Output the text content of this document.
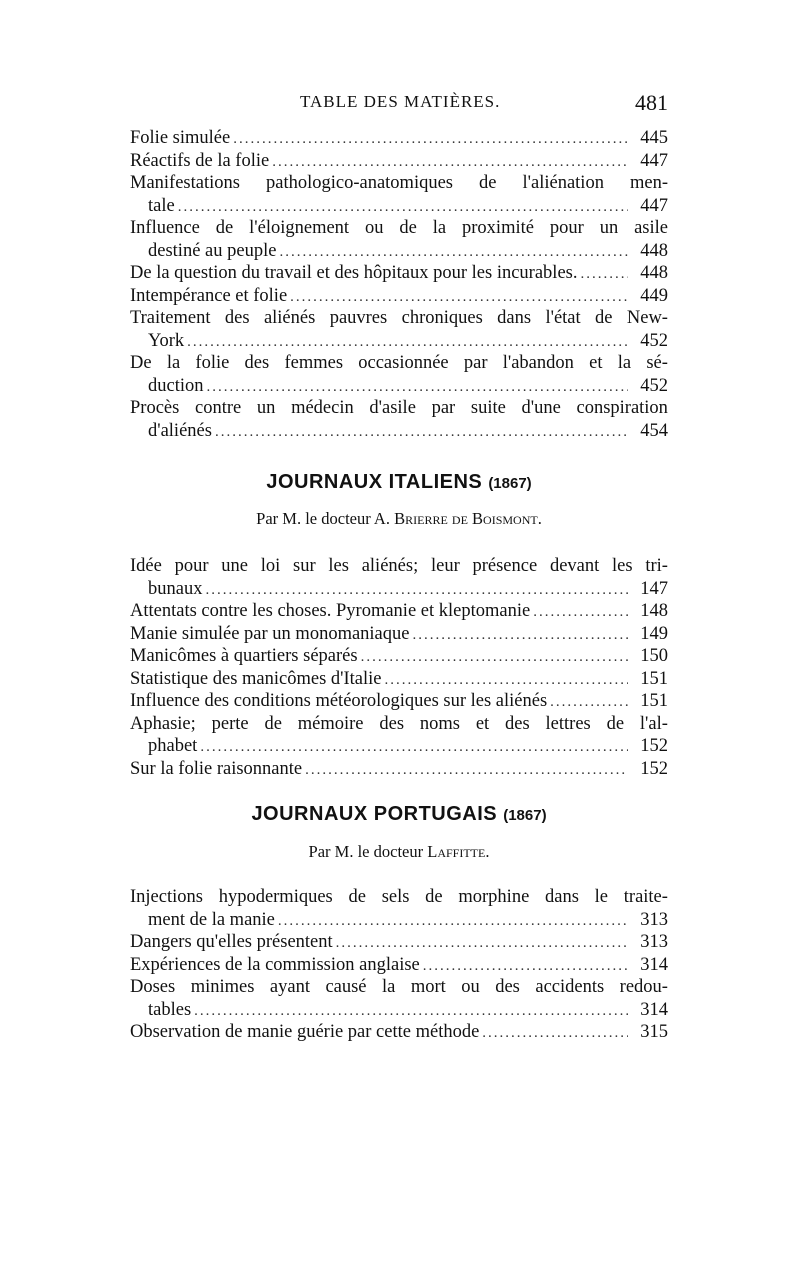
TABLE DES MATIÈRES.	481
Folie simulée .....	445
Réactifs de la folie .....	447
Manifestations pathologico-anatomiques de l'aliénation men-
tale .....	447
Influence de l'éloignement ou de la proximité pour un asile
destiné au peuple .....	448
De la question du travail et des hôpitaux pour les incurables. .....	448
Intempérance et folie .....	449
Traitement des aliénés pauvres chroniques dans l'état de New-
York .....	452
De la folie des femmes occasionnée par l'abandon et la sé-
duction .....	452
Procès contre un médecin d'asile par suite d'une conspiration
d'aliénés .....	454
JOURNAUX ITALIENS (1867)
Par M. le docteur A. Brierre de Boismont.
Idée pour une loi sur les aliénés; leur présence devant les tri-
bunaux .....	147
Attentats contre les choses. Pyromanie et kleptomanie .....	148
Manie simulée par un monomaniaque .....	149
Manicômes à quartiers séparés .....	150
Statistique des manicômes d'Italie .....	151
Influence des conditions météorologiques sur les aliénés .....	151
Aphasie; perte de mémoire des noms et des lettres de l'al-
phabet .....	152
Sur la folie raisonnante .....	152
JOURNAUX PORTUGAIS (1867)
Par M. le docteur Laffitte.
Injections hypodermiques de sels de morphine dans le traite-
ment de la manie .....	313
Dangers qu'elles présentent .....	313
Expériences de la commission anglaise .....	314
Doses minimes ayant causé la mort ou des accidents redou-
tables .....	314
Observation de manie guérie par cette méthode .....	315
